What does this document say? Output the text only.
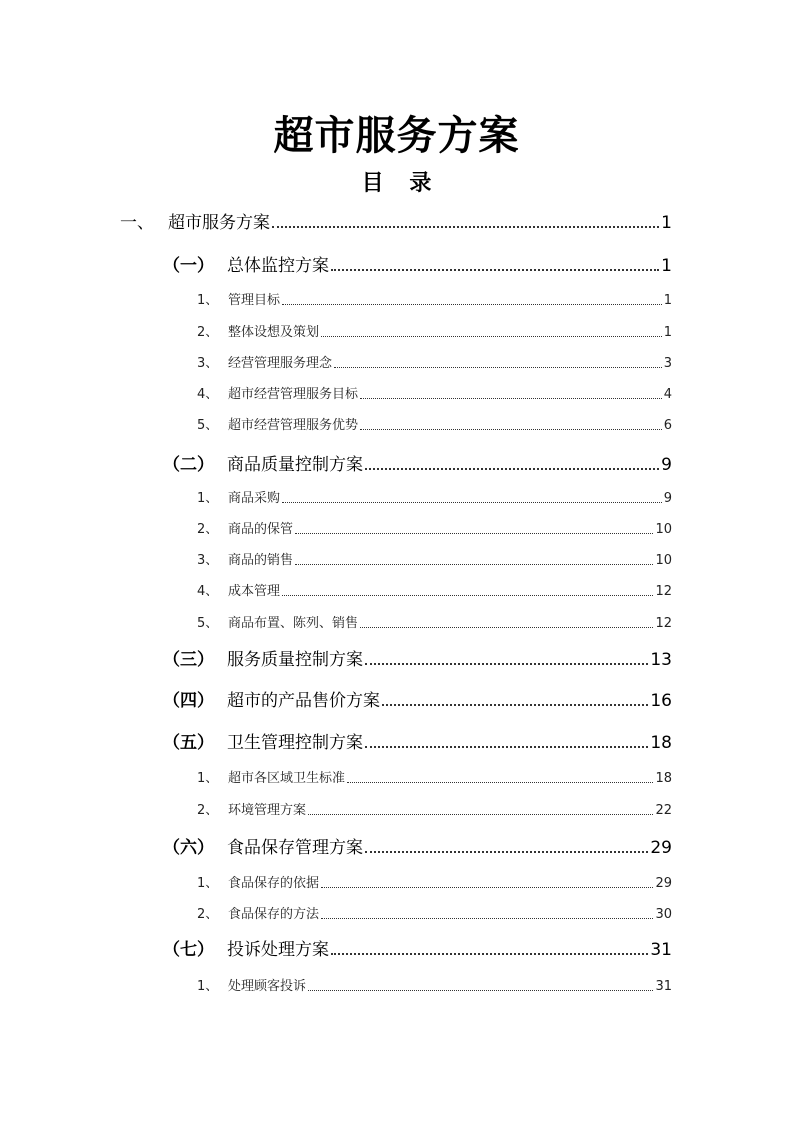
超市服务方案
目 录
一、 超市服务方案	1
（一） 总体监控方案	1
1、 管理目标	1
2、 整体设想及策划	1
3、 经营管理服务理念	3
4、 超市经营管理服务目标	4
5、 超市经营管理服务优势	6
（二） 商品质量控制方案	9
1、 商品采购	9
2、 商品的保管	10
3、 商品的销售	10
4、 成本管理	12
5、 商品布置、陈列、销售	12
（三） 服务质量控制方案	13
（四） 超市的产品售价方案	16
（五） 卫生管理控制方案	18
1、 超市各区域卫生标准	18
2、 环境管理方案	22
（六） 食品保存管理方案	29
1、 食品保存的依据	29
2、 食品保存的方法	30
（七） 投诉处理方案	31
1、 处理顾客投诉	31
